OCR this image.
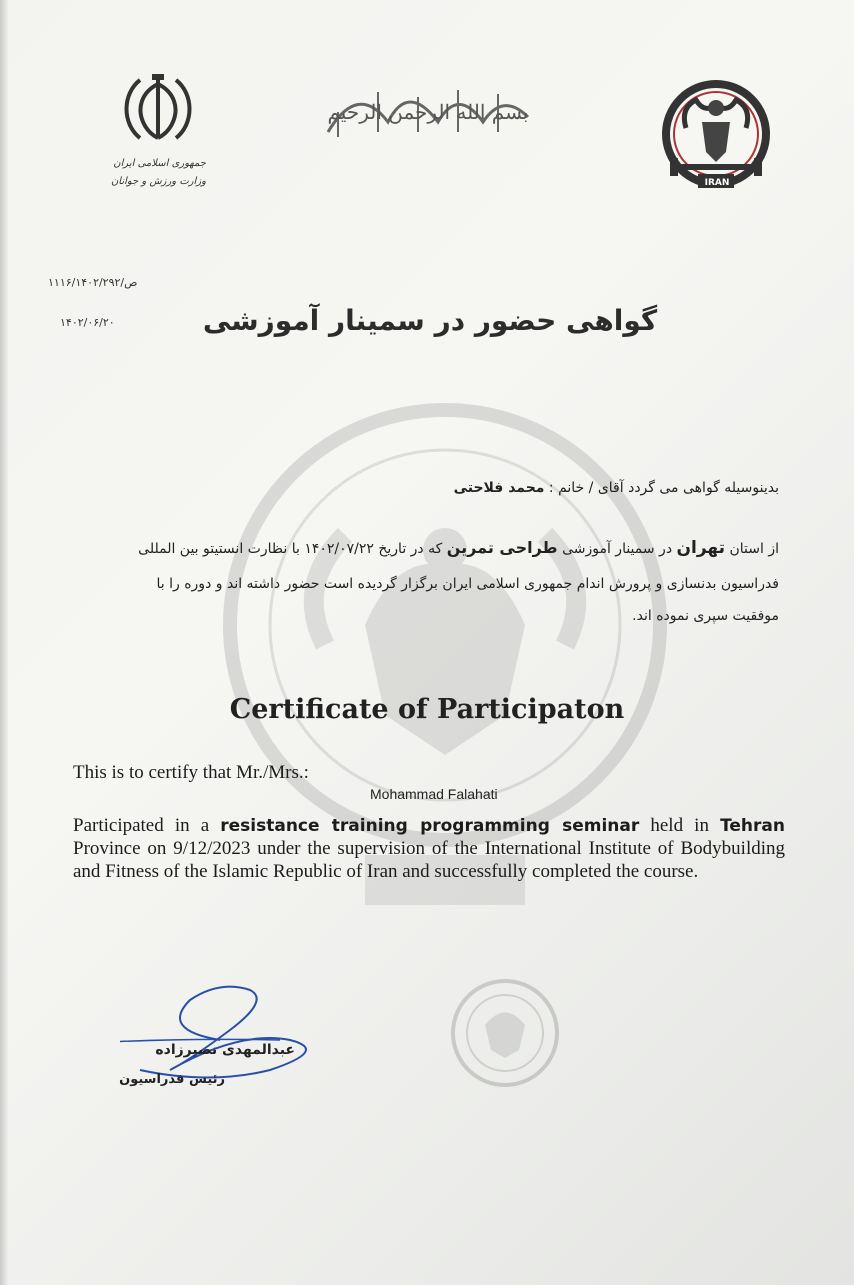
جمهوری اسلامی ایران
وزارت ورزش و جوانان
بسم الله الرحمن الرحیم
IRAN
۱۱۱۶/ص/۱۴۰۲/۲۹۲
۱۴۰۲/۰۶/۲۰	گواهی حضور در سمینار آموزشی
بدینوسیله گواهی می گردد آقای / خانم : محمد فلاحتی
از استان تهران در سمینار آموزشی طراحی تمرین که در تاریخ ۱۴۰۲/۰۷/۲۲ با نظارت انستیتو بین المللی
فدراسیون بدنسازی و پرورش اندام جمهوری اسلامی ایران برگزار گردیده است حضور داشته اند و دوره را با
موفقیت سپری نموده اند.
Certificate of Participaton
This is to certify that Mr./Mrs.:
Mohammad Falahati
Participated in a resistance training programming seminar held in Tehran Province on 9/12/2023 under the supervision of the International Institute of Bodybuilding and Fitness of the Islamic Republic of Iran and successfully completed the course.
عبدالمهدی نصیرزاده
رئیس فدراسیون
